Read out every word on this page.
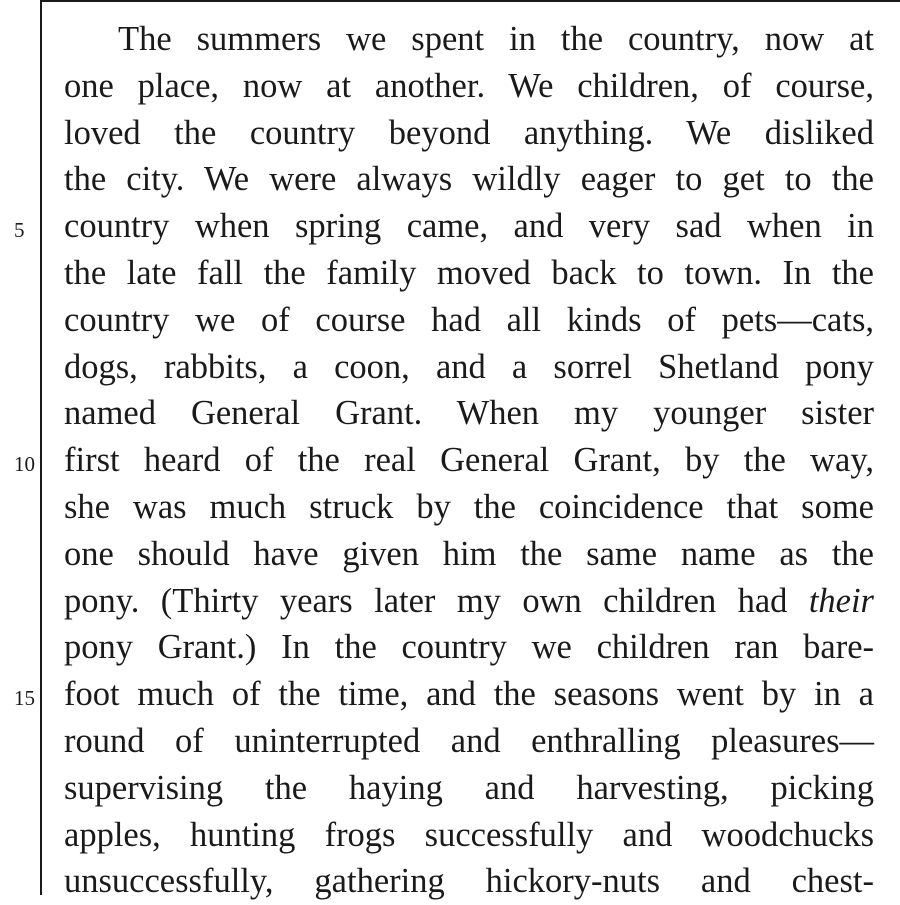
The summers we spent in the country, now at
one place, now at another. We children, of course,
loved the country beyond anything. We disliked
the city. We were always wildly eager to get to the
5	country when spring came, and very sad when in
the late fall the family moved back to town. In the
country we of course had all kinds of pets—cats,
dogs, rabbits, a coon, and a sorrel Shetland pony
named General Grant. When my younger sister
10 first heard of the real General Grant, by the way,
she was much struck by the coincidence that some
one should have given him the same name as the
pony. (Thirty years later my own children had their
pony Grant.) In the country we children ran bare-
15 foot much of the time, and the seasons went by in a
round of uninterrupted and enthralling pleasures—
supervising the haying and harvesting, picking
apples, hunting frogs successfully and woodchucks
unsuccessfully, gathering hickory-nuts and chest-
